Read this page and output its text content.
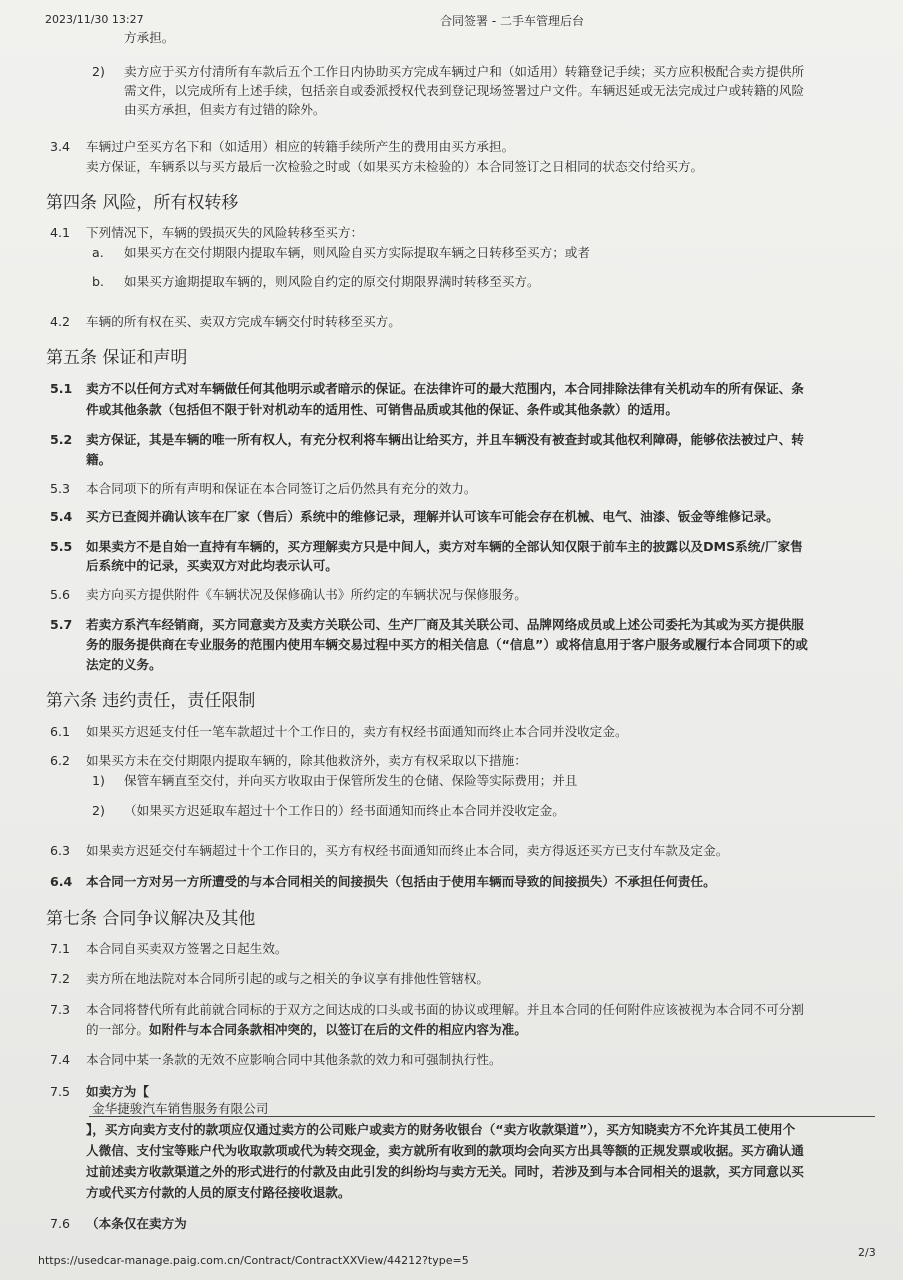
2023/11/30 13:27	合同签署 - 二手车管理后台
方承担。
2) 卖方应于买方付清所有车款后五个工作日内协助买方完成车辆过户和（如适用）转籍登记手续；买方应积极配合卖方提供所
需文件，以完成所有上述手续，包括亲自或委派授权代表到登记现场签署过户文件。车辆迟延或无法完成过户或转籍的风险
由买方承担，但卖方有过错的除外。
3.4 车辆过户至买方名下和（如适用）相应的转籍手续所产生的费用由买方承担。
卖方保证，车辆系以与买方最后一次检验之时或（如果买方未检验的）本合同签订之日相同的状态交付给买方。
第四条 风险，所有权转移
4.1 下列情况下，车辆的毁损灭失的风险转移至买方：
a. 如果买方在交付期限内提取车辆，则风险自买方实际提取车辆之日转移至买方；或者
b. 如果买方逾期提取车辆的，则风险自约定的原交付期限界满时转移至买方。
4.2 车辆的所有权在买、卖双方完成车辆交付时转移至买方。
第五条 保证和声明
5.1 卖方不以任何方式对车辆做任何其他明示或者暗示的保证。在法律许可的最大范围内，本合同排除法律有关机动车的所有保证、条
件或其他条款（包括但不限于针对机动车的适用性、可销售品质或其他的保证、条件或其他条款）的适用。
5.2 卖方保证，其是车辆的唯一所有权人，有充分权利将车辆出让给买方，并且车辆没有被查封或其他权利障碍，能够依法被过户、转
籍。
5.3 本合同项下的所有声明和保证在本合同签订之后仍然具有充分的效力。
5.4 买方已查阅并确认该车在厂家（售后）系统中的维修记录，理解并认可该车可能会存在机械、电气、油漆、钣金等维修记录。
5.5 如果卖方不是自始一直持有车辆的，买方理解卖方只是中间人，卖方对车辆的全部认知仅限于前车主的披露以及DMS系统/厂家售
后系统中的记录，买卖双方对此均表示认可。
5.6 卖方向买方提供附件《车辆状况及保修确认书》所约定的车辆状况与保修服务。
5.7 若卖方系汽车经销商，买方同意卖方及卖方关联公司、生产厂商及其关联公司、品牌网络成员或上述公司委托为其或为买方提供服
务的服务提供商在专业服务的范围内使用车辆交易过程中买方的相关信息（“信息”）或将信息用于客户服务或履行本合同项下的或
法定的义务。
第六条 违约责任，责任限制
6.1 如果买方迟延支付任一笔车款超过十个工作日的，卖方有权经书面通知而终止本合同并没收定金。
6.2 如果买方未在交付期限内提取车辆的，除其他救济外，卖方有权采取以下措施：
1) 保管车辆直至交付，并向买方收取由于保管所发生的仓储、保险等实际费用；并且
2) （如果买方迟延取车超过十个工作日的）经书面通知而终止本合同并没收定金。
6.3 如果卖方迟延交付车辆超过十个工作日的，买方有权经书面通知而终止本合同，卖方得返还买方已支付车款及定金。
6.4 本合同一方对另一方所遭受的与本合同相关的间接损失（包括由于使用车辆而导致的间接损失）不承担任何责任。
第七条 合同争议解决及其他
7.1 本合同自买卖双方签署之日起生效。
7.2 卖方所在地法院对本合同所引起的或与之相关的争议享有排他性管辖权。
7.3 本合同将替代所有此前就合同标的于双方之间达成的口头或书面的协议或理解。并且本合同的任何附件应该被视为本合同不可分割
的一部分。如附件与本合同条款相冲突的，以签订在后的文件的相应内容为准。
7.4 本合同中某一条款的无效不应影响合同中其他条款的效力和可强制执行性。
7.5 如卖方为【
金华捷骏汽车销售服务有限公司
】，买方向卖方支付的款项应仅通过卖方的公司账户或卖方的财务收银台（“卖方收款渠道”），买方知晓卖方不允许其员工使用个
人微信、支付宝等账户代为收取款项或代为转交现金，卖方就所有收到的款项均会向买方出具等额的正规发票或收据。买方确认通
过前述卖方收款渠道之外的形式进行的付款及由此引发的纠纷均与卖方无关。同时，若涉及到与本合同相关的退款，买方同意以买
方或代买方付款的人员的原支付路径接收退款。
7.6 （本条仅在卖方为
https://usedcar-manage.paig.com.cn/Contract/ContractXXView/44212?type=5
2/3
